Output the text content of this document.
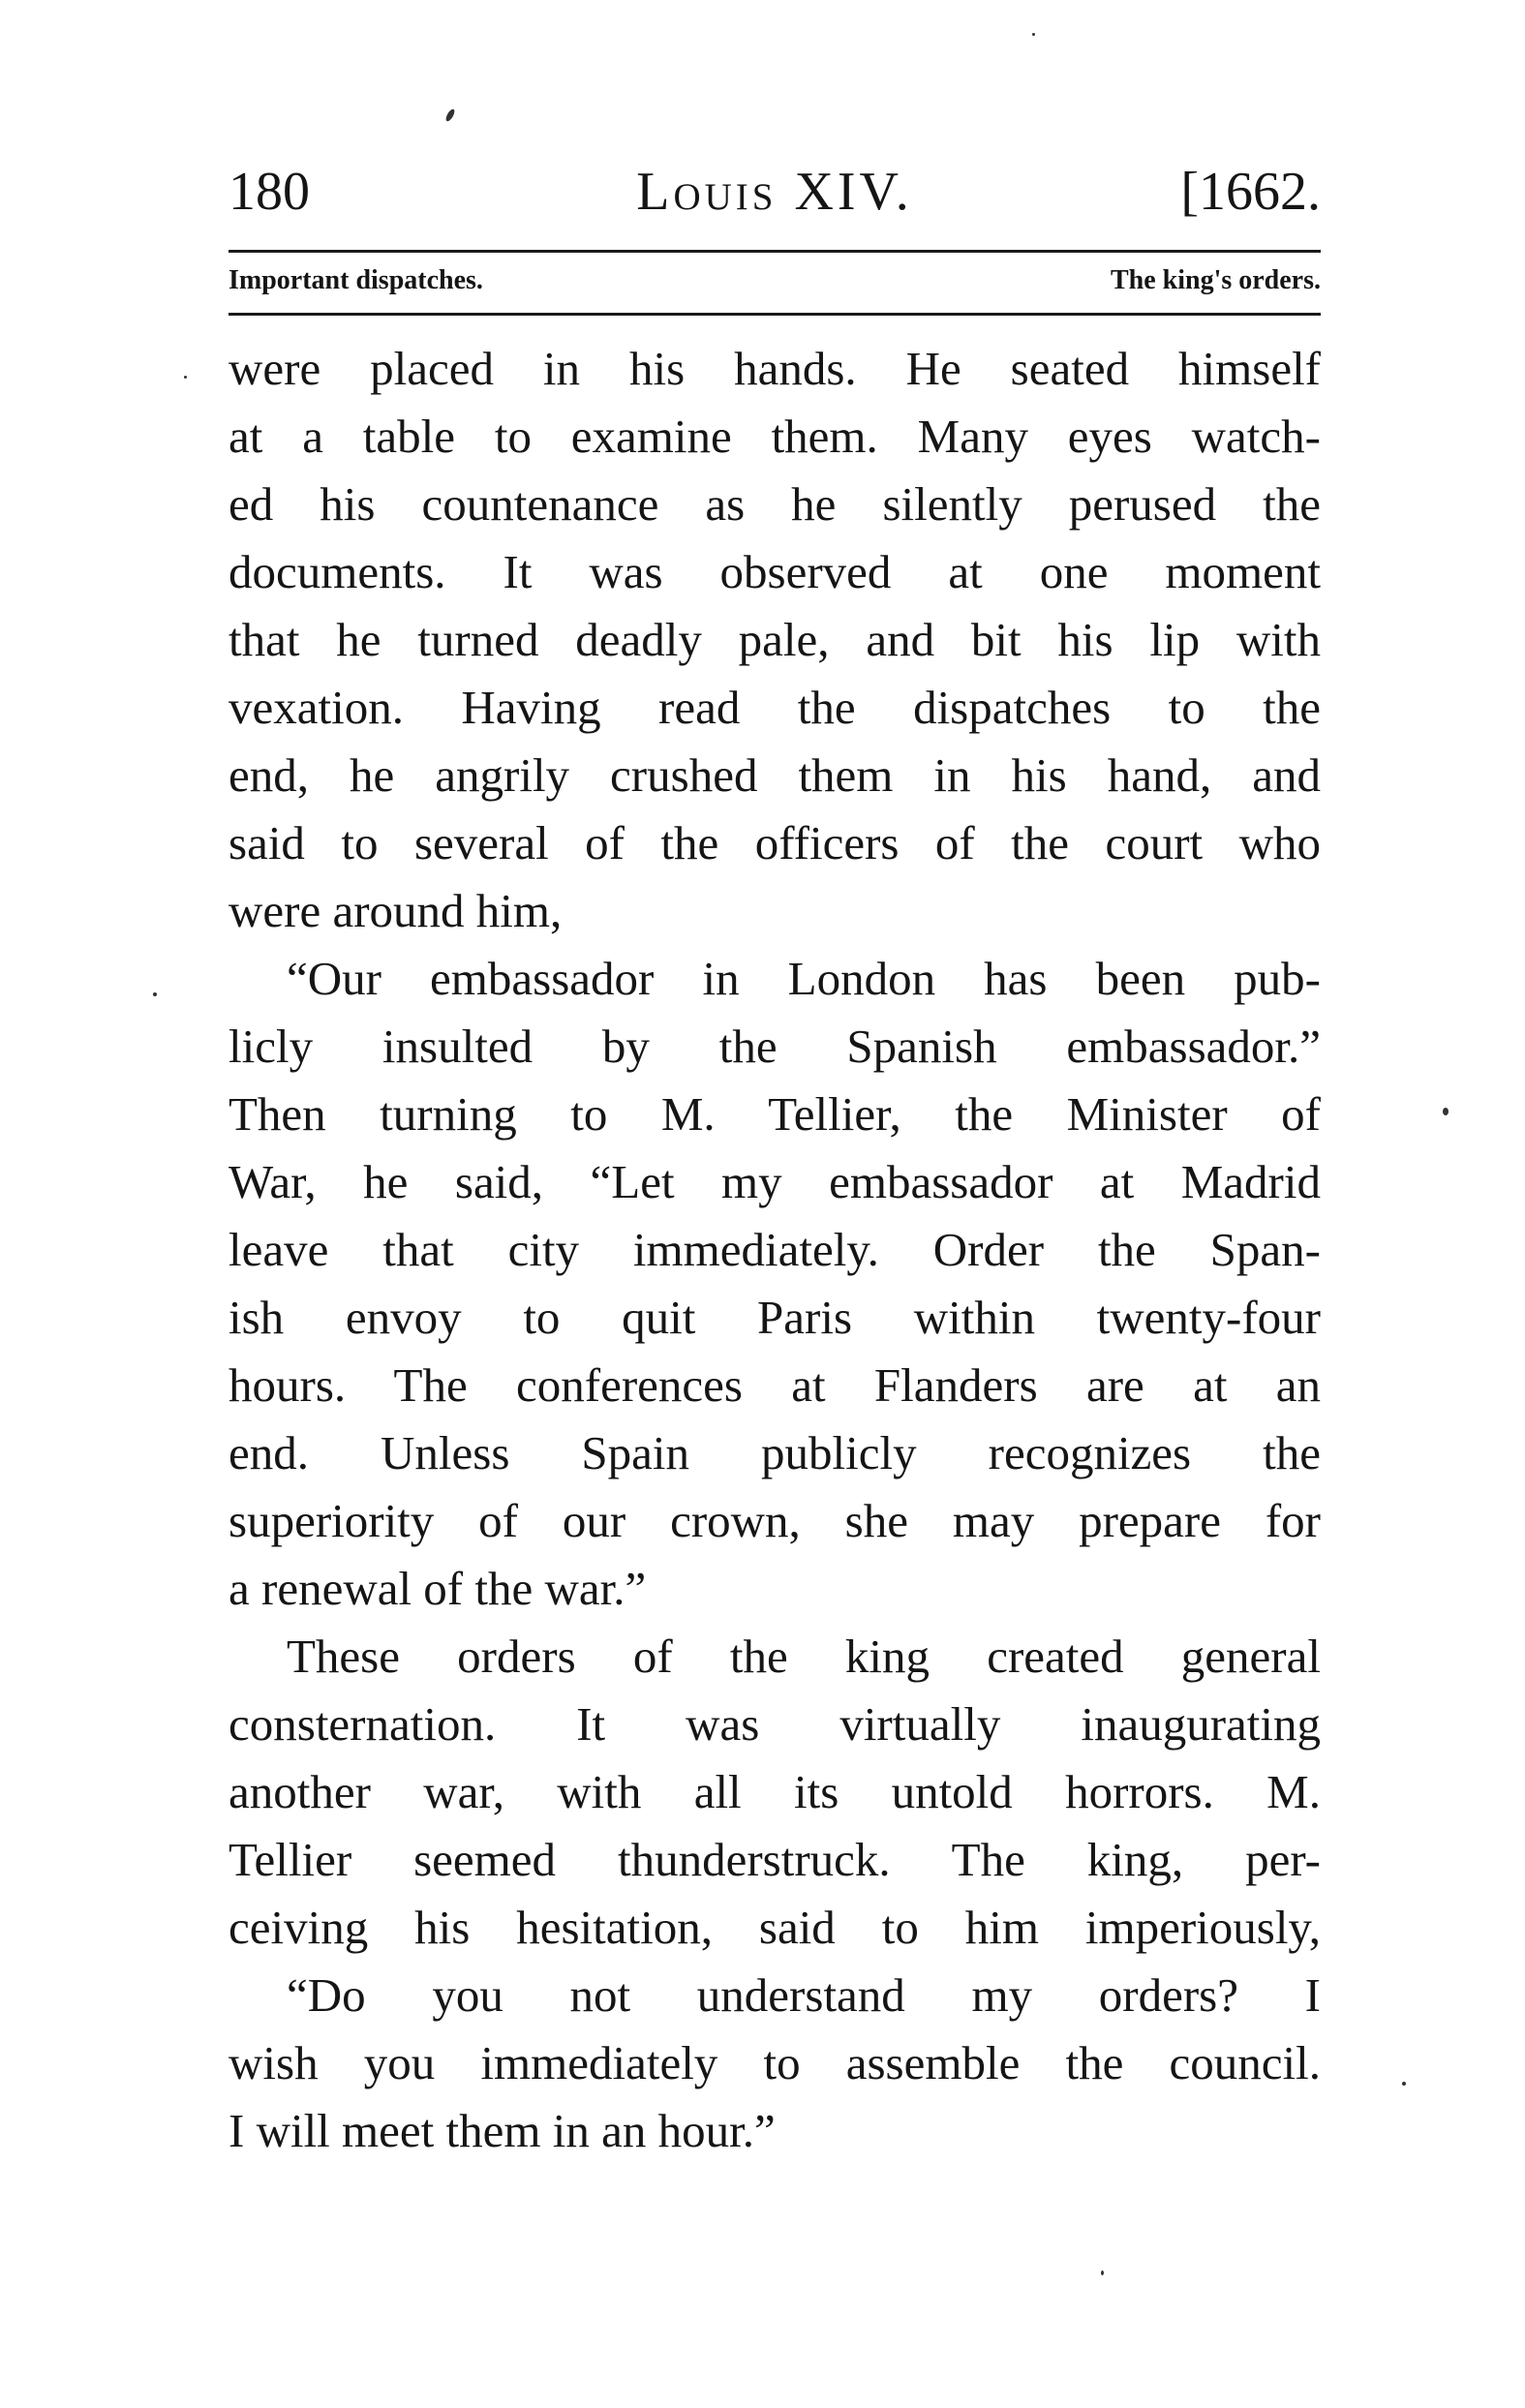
180	Louis XIV.	[1662.
Important dispatches.	The king's orders.
were placed in his hands. He seated himself
at a table to examine them. Many eyes watch-
ed his countenance as he silently perused the
documents. It was observed at one moment
that he turned deadly pale, and bit his lip with
vexation. Having read the dispatches to the
end, he angrily crushed them in his hand, and
said to several of the officers of the court who
were around him,
“Our embassador in London has been pub-
licly insulted by the Spanish embassador.”
Then turning to M. Tellier, the Minister of
War, he said, “Let my embassador at Madrid
leave that city immediately. Order the Span-
ish envoy to quit Paris within twenty-four
hours. The conferences at Flanders are at an
end. Unless Spain publicly recognizes the
superiority of our crown, she may prepare for
a renewal of the war.”
These orders of the king created general
consternation. It was virtually inaugurating
another war, with all its untold horrors. M.
Tellier seemed thunderstruck. The king, per-
ceiving his hesitation, said to him imperiously,
“Do you not understand my orders? I
wish you immediately to assemble the council.
I will meet them in an hour.”
